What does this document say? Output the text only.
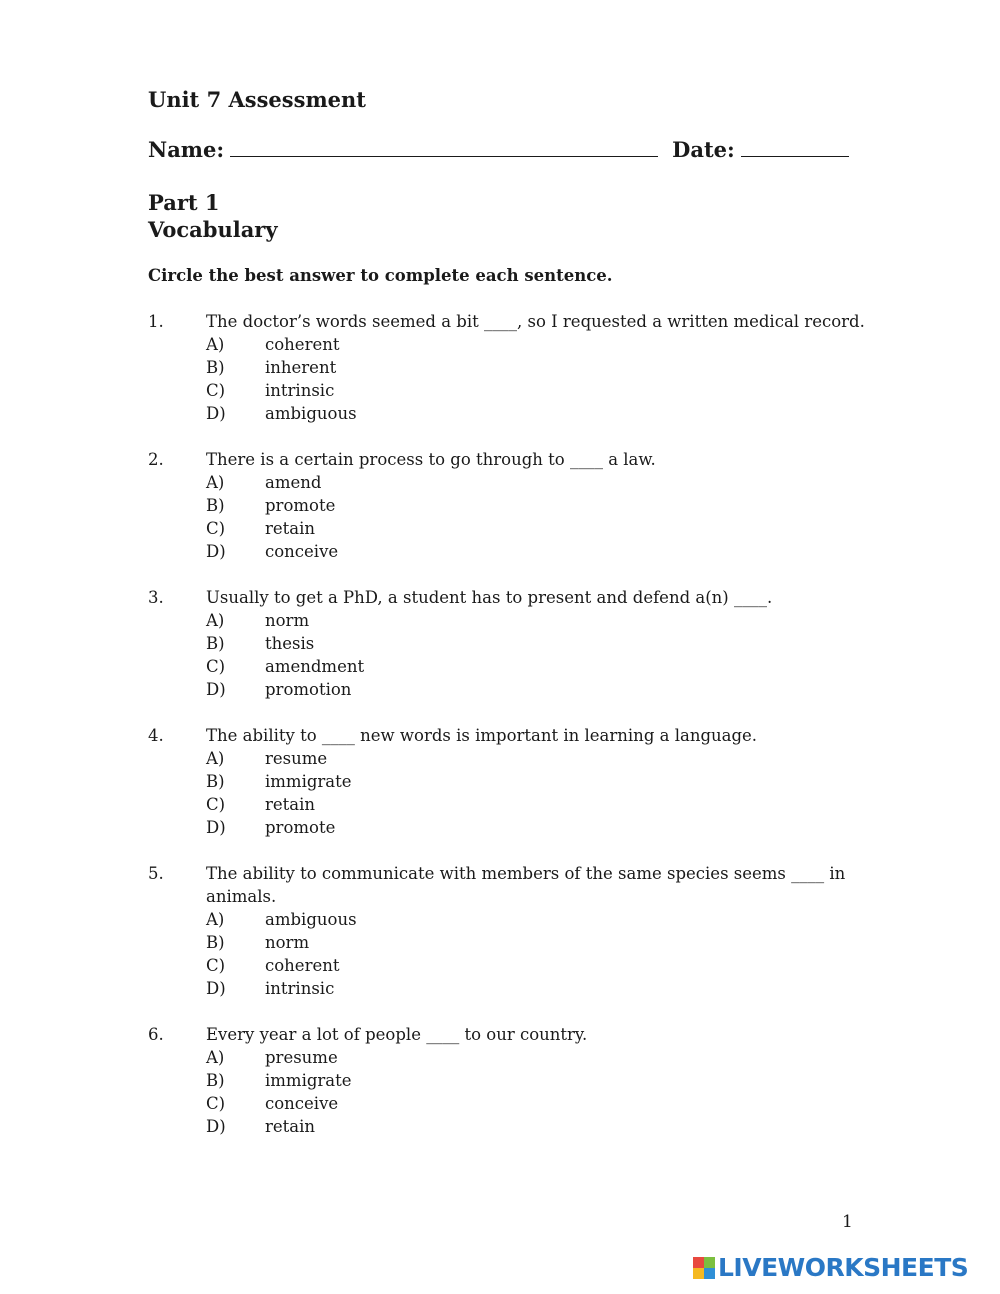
Unit 7 Assessment
Name:	Date:
Part 1
Vocabulary
Circle the best answer to complete each sentence.
1.	The doctor’s words seemed a bit ____, so I requested a written medical record.
A)	coherent
B)	inherent
C)	intrinsic
D)	ambiguous
2.	There is a certain process to go through to ____ a law.
A)	amend
B)	promote
C)	retain
D)	conceive
3.	Usually to get a PhD, a student has to present and defend a(n) ____.
A)	norm
B)	thesis
C)	amendment
D)	promotion
4.	The ability to ____ new words is important in learning a language.
A)	resume
B)	immigrate
C)	retain
D)	promote
5.	The ability to communicate with members of the same species seems ____ in animals.
A)	ambiguous
B)	norm
C)	coherent
D)	intrinsic
6.	Every year a lot of people ____ to our country.
A)	presume
B)	immigrate
C)	conceive
D)	retain
1
LIVEWORKSHEETS
